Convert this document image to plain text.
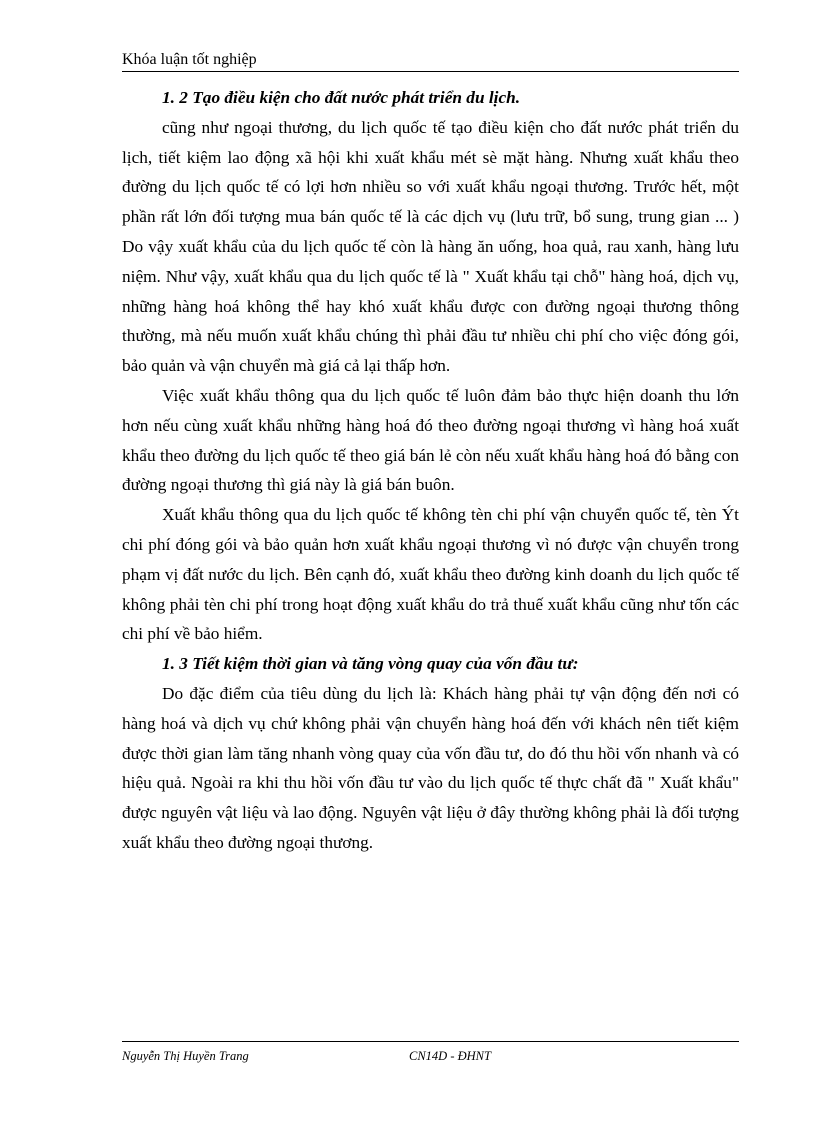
Khóa luận tốt nghiệp

1. 2 Tạo điều kiện cho đất nước phát triển du lịch.

cũng như ngoại thương, du lịch quốc tế tạo điều kiện cho đất nước phát triển du lịch, tiết kiệm lao động xã hội khi xuất khẩu mét sè mặt hàng. Nhưng xuất khẩu theo đường du lịch quốc tế có lợi hơn nhiều so với xuất khẩu ngoại thương. Trước hết, một phần rất lớn đối tượng mua bán quốc tế là các dịch vụ (lưu trữ, bổ sung, trung gian ... ) Do vậy xuất khẩu của du lịch quốc tế còn là hàng ăn uống, hoa quả, rau xanh, hàng lưu niệm. Như vậy, xuất khẩu qua du lịch quốc tế là " Xuất khẩu tại chỗ" hàng hoá, dịch vụ, những hàng hoá không thể hay khó xuất khẩu được con đường ngoại thương thông thường, mà nếu muốn xuất khẩu chúng thì phải đầu tư nhiều chi phí cho việc đóng gói, bảo quản và vận chuyển mà giá cả lại thấp hơn.

Việc xuất khẩu thông qua du lịch quốc tế luôn đảm bảo thực hiện doanh thu lớn hơn nếu cùng xuất khẩu những hàng hoá đó theo đường ngoại thương vì hàng hoá xuất khẩu theo đường du lịch quốc tế theo giá bán lẻ còn nếu xuất khẩu hàng hoá đó bằng con đường ngoại thương thì giá này là giá bán buôn.

Xuất khẩu thông qua du lịch quốc tế không tèn chi phí vận chuyển quốc tế, tèn Ýt chi phí đóng gói và bảo quản hơn xuất khẩu ngoại thương vì nó được vận chuyển trong phạm vị đất nước du lịch. Bên cạnh đó, xuất khẩu theo đường kinh doanh du lịch quốc tế không phải tèn chi phí trong hoạt động xuất khẩu do trả thuế xuất khẩu cũng như tốn các chi phí về bảo hiểm.

1. 3 Tiết kiệm thời gian và tăng vòng quay của vốn đầu tư:

Do đặc điểm của tiêu dùng du lịch là: Khách hàng phải tự vận động đến nơi có hàng hoá và dịch vụ chứ không phải vận chuyển hàng hoá đến với khách nên tiết kiệm được thời gian làm tăng nhanh vòng quay của vốn đầu tư, do đó thu hồi vốn nhanh và có hiệu quả. Ngoài ra khi thu hồi vốn đầu tư vào du lịch quốc tế thực chất đã " Xuất khẩu" được nguyên vật liệu và lao động. Nguyên vật liệu ở đây thường không phải là đối tượng xuất khẩu theo đường ngoại thương.

Nguyễn Thị Huyền Trang	CN14D - ĐHNT
